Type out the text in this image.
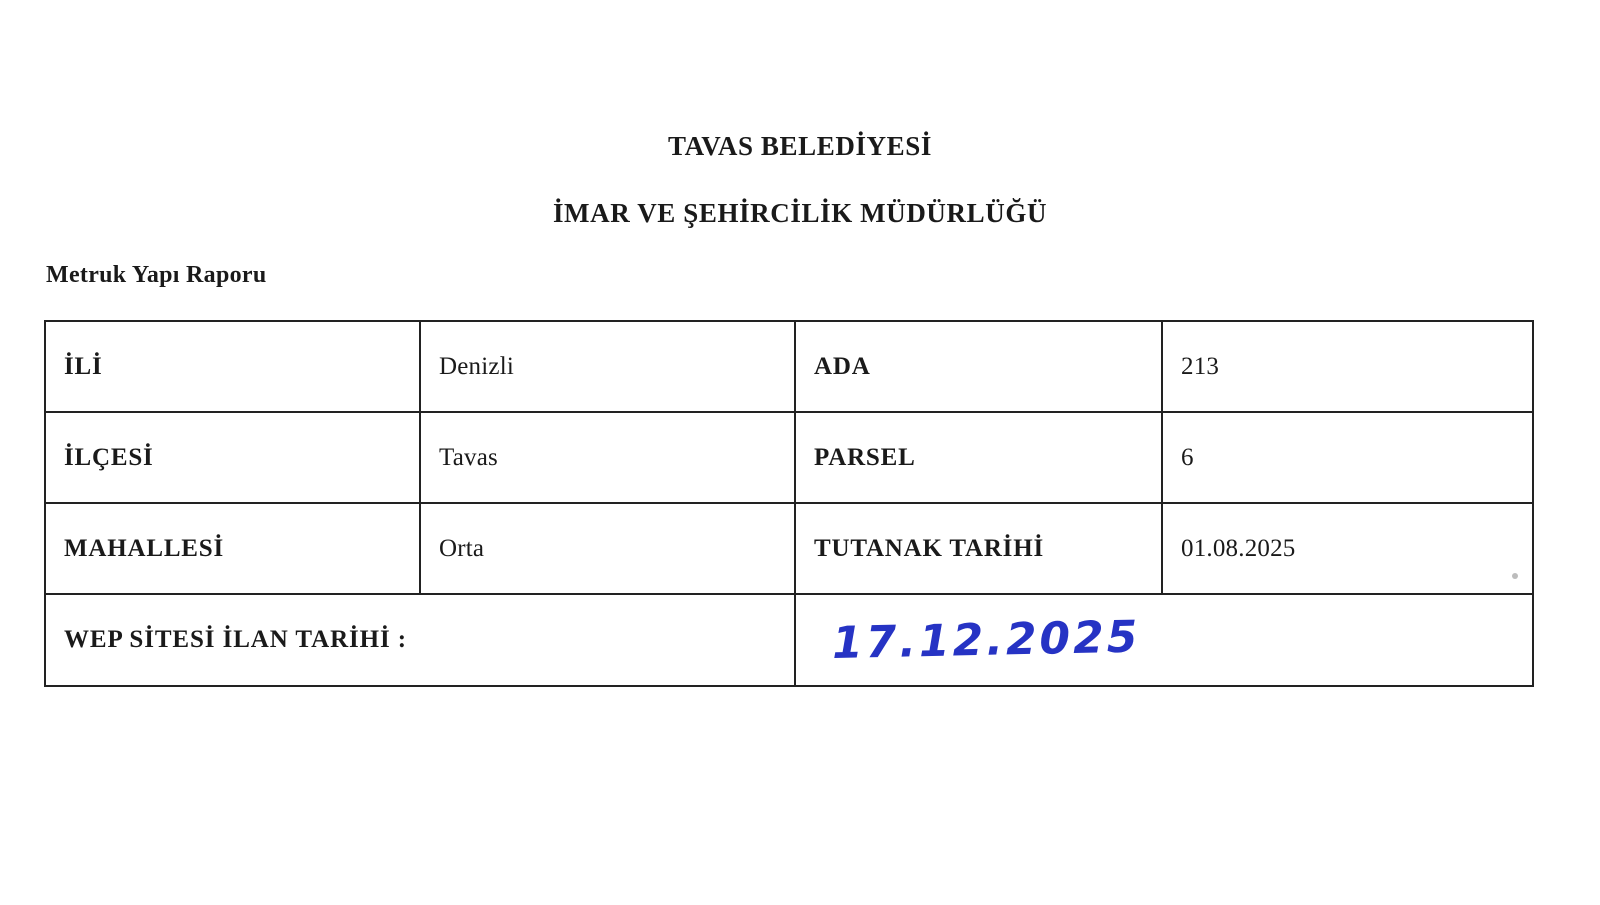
TAVAS BELEDİYESİ
İMAR VE ŞEHİRCİLİK MÜDÜRLÜĞÜ
Metruk Yapı Raporu
İLİ	Denizli	ADA	213
İLÇESİ	Tavas	PARSEL	6
MAHALLESİ	Orta	TUTANAK TARİHİ	01.08.2025
WEP SİTESİ İLAN TARİHİ :		17.12.2025	
